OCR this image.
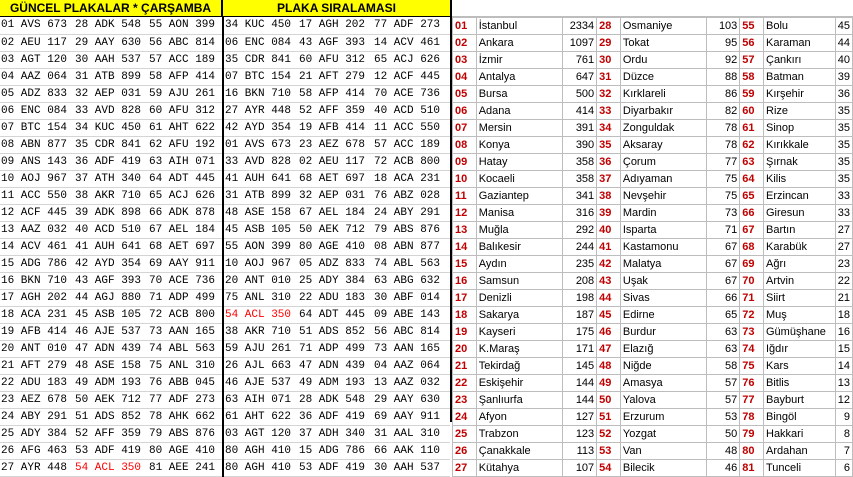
GÜNCEL PLAKALAR * ÇARŞAMBA	PLAKA SIRALAMASI
01 AVS 673	28 ADK 548	55 AON 399	34 KUC 450	17 AGH 202	77 ADF 273
02 AEU 117	29 AAY 630	56 ABC 814	06 ENC 084	43 AGF 393	14 ACV 461
03 AGT 120	30 AAH 537	57 ACC 189	35 CDR 841	60 AFU 312	65 ACJ 626
04 AAZ 064	31 ATB 899	58 AFP 414	07 BTC 154	21 AFT 279	12 ACF 445
05 ADZ 833	32 AEP 031	59 AJU 261	16 BKN 710	58 AFP 414	70 ACE 736
06 ENC 084	33 AVD 828	60 AFU 312	27 AYR 448	52 AFF 359	40 ACD 510
07 BTC 154	34 KUC 450	61 AHT 622	42 AYD 354	19 AFB 414	11 ACC 550
08 ABN 877	35 CDR 841	62 AFU 192	01 AVS 673	23 AEZ 678	57 ACC 189
09 ANS 143	36 ADF 419	63 AIH 071	33 AVD 828	02 AEU 117	72 ACB 800
10 AOJ 967	37 ATH 340	64 ADT 445	41 AUH 641	68 AET 697	18 ACA 231
11 ACC 550	38 AKR 710	65 ACJ 626	31 ATB 899	32 AEP 031	76 ABZ 028
12 ACF 445	39 ADK 898	66 ADK 878	48 ASE 158	67 AEL 184	24 ABY 291
13 AAZ 032	40 ACD 510	67 AEL 184	45 ASB 105	50 AEK 712	79 ABS 876
14 ACV 461	41 AUH 641	68 AET 697	55 AON 399	80 AGE 410	08 ABN 877
15 ADG 786	42 AYD 354	69 AAY 911	10 AOJ 967	05 ADZ 833	74 ABL 563
16 BKN 710	43 AGF 393	70 ACE 736	20 ANT 010	25 ADY 384	63 ABG 632
17 AGH 202	44 AGJ 880	71 ADP 499	75 ANL 310	22 ADU 183	30 ABF 014
18 ACA 231	45 ASB 105	72 ACB 800	54 ACL 350	64 ADT 445	09 ABE 143
19 AFB 414	46 AJE 537	73 AAN 165	38 AKR 710	51 ADS 852	56 ABC 814
20 ANT 010	47 ADN 439	74 ABL 563	59 AJU 261	71 ADP 499	73 AAN 165
21 AFT 279	48 ASE 158	75 ANL 310	26 AJL 663	47 ADN 439	04 AAZ 064
22 ADU 183	49 ADM 193	76 ABB 045	46 AJE 537	49 ADM 193	13 AAZ 032
23 AEZ 678	50 AEK 712	77 ADF 273	63 AIH 071	28 ADK 548	29 AAY 630
24 ABY 291	51 ADS 852	78 AHK 662	61 AHT 622	36 ADF 419	69 AAY 911
25 ADY 384	52 AFF 359	79 ABS 876	03 AGT 120	37 ADH 340	31 AAL 310
26 AFG 463	53 ADF 419	80 AGE 410	80 AGH 410	15 ADG 786	66 AAK 110
27 AYR 448	54 ACL 350	81 AEE 241	80 AGH 410	53 ADF 419	30 AAH 537
01	İstanbul	2334	28	Osmaniye	103	55	Bolu	45
02	Ankara	1097	29	Tokat	95	56	Karaman	44
03	İzmir	761	30	Ordu	92	57	Çankırı	40
04	Antalya	647	31	Düzce	88	58	Batman	39
05	Bursa	500	32	Kırklareli	86	59	Kırşehir	36
06	Adana	414	33	Diyarbakır	82	60	Rize	35
07	Mersin	391	34	Zonguldak	78	61	Sinop	35
08	Konya	390	35	Aksaray	78	62	Kırıkkale	35
09	Hatay	358	36	Çorum	77	63	Şırnak	35
10	Kocaeli	358	37	Adıyaman	75	64	Kilis	35
11	Gaziantep	341	38	Nevşehir	75	65	Erzincan	33
12	Manisa	316	39	Mardin	73	66	Giresun	33
13	Muğla	292	40	Isparta	71	67	Bartın	27
14	Balıkesir	244	41	Kastamonu	67	68	Karabük	27
15	Aydın	235	42	Malatya	67	69	Ağrı	23
16	Samsun	208	43	Uşak	67	70	Artvin	22
17	Denizli	198	44	Sivas	66	71	Siirt	21
18	Sakarya	187	45	Edirne	65	72	Muş	18
19	Kayseri	175	46	Burdur	63	73	Gümüşhane	16
20	K.Maraş	171	47	Elazığ	63	74	Iğdır	15
21	Tekirdağ	145	48	Niğde	58	75	Kars	14
22	Eskişehir	144	49	Amasya	57	76	Bitlis	13
23	Şanlıurfa	144	50	Yalova	57	77	Bayburt	12
24	Afyon	127	51	Erzurum	53	78	Bingöl	9
25	Trabzon	123	52	Yozgat	50	79	Hakkari	8
26	Çanakkale	113	53	Van	48	80	Ardahan	7
27	Kütahya	107	54	Bilecik	46	81	Tunceli	6
